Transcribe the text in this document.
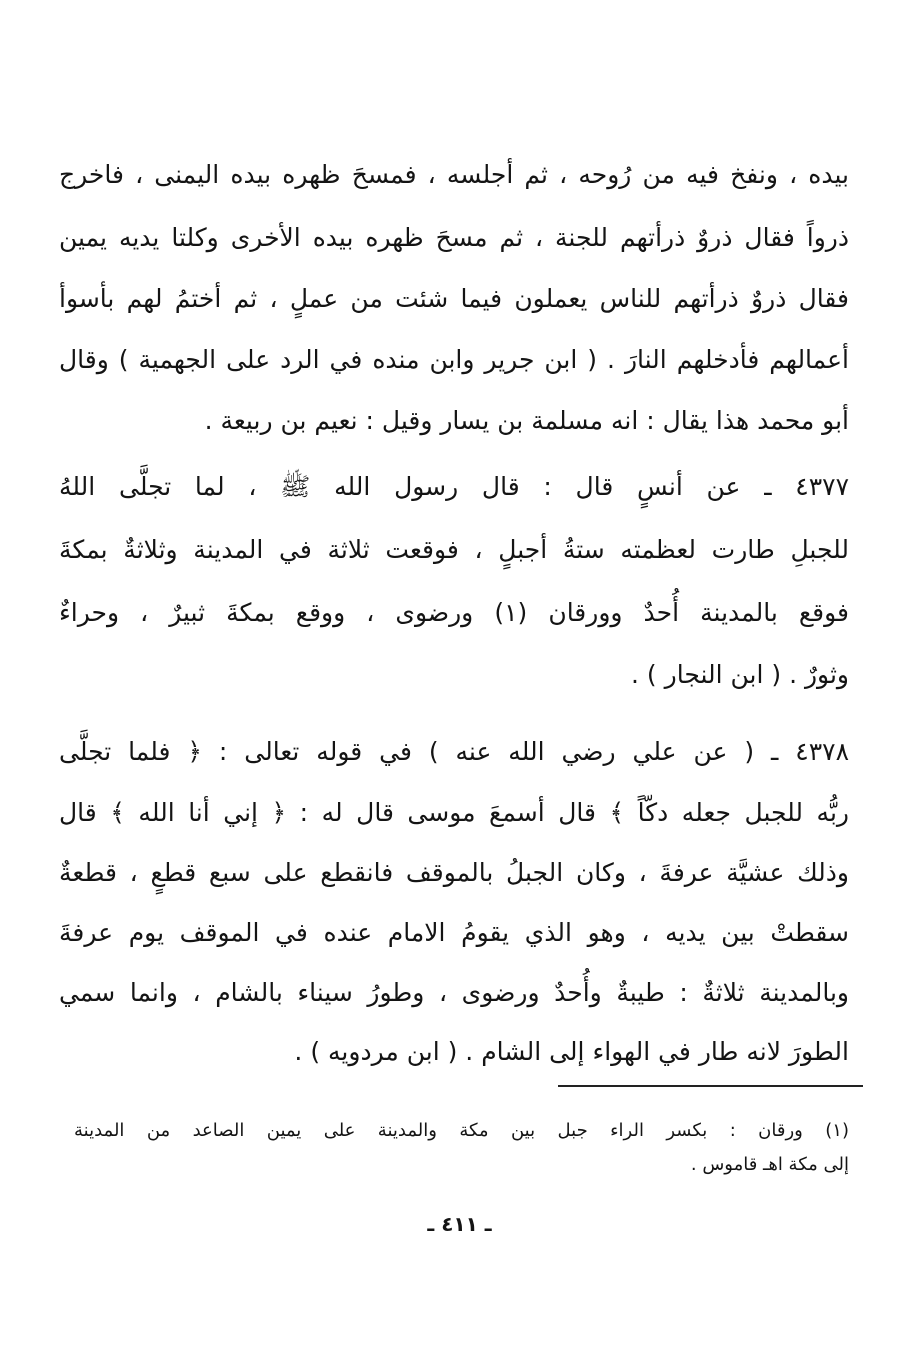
بيده ، ونفخ فيه من رُوحه ، ثم أجلسه ، فمسحَ ظهره بيده اليمنى ، فاخرج
ذرواً فقال ذروٌ ذرأتهم للجنة ، ثم مسحَ ظهره بيده الأخرى وكلتا يديه يمين
فقال ذروٌ ذرأتهم للناس يعملون فيما شئت من عملٍ ، ثم أختمُ لهم بأسوأ
أعمالهم فأدخلهم النارَ . ( ابن جرير وابن منده في الرد على الجهمية ) وقال
أبو محمد هذا يقال : انه مسلمة بن يسار وقيل : نعيم بن ربيعة .
٤٣٧٧ ـ عن أنسٍ قال : قال رسول الله ﷺ ، لما تجلَّى اللهُ
للجبلِ طارت لعظمته ستةُ أجبلٍ ، فوقعت ثلاثة في المدينة وثلاثةٌ بمكةَ
فوقع بالمدينة أُحدٌ وورقان (١) ورضوى ، ووقع بمكةَ ثبيرٌ ، وحراءٌ
وثورٌ . ( ابن النجار ) .
٤٣٧٨ ـ ( عن علي رضي الله عنه ) في قوله تعالى : ﴿ فلما تجلَّى
ربُّه للجبل جعله دكّاً ﴾ قال أسمعَ موسى قال له : ﴿ إني أنا الله ﴾ قال
وذلك عشيَّة عرفةَ ، وكان الجبلُ بالموقف فانقطع على سبع قطعٍ ، قطعةٌ
سقطتْ بين يديه ، وهو الذي يقومُ الامام عنده في الموقف يوم عرفةَ
وبالمدينة ثلاثةٌ : طيبةٌ وأُحدٌ ورضوى ، وطورُ سيناء بالشام ، وانما سمي
الطورَ لانه طار في الهواء إلى الشام . ( ابن مردويه ) .
(١) ورقان : بكسر الراء جبل بين مكة والمدينة على يمين الصاعد من المدينة
إلى مكة اهـ قاموس .
ـ ٤١١ ـ
